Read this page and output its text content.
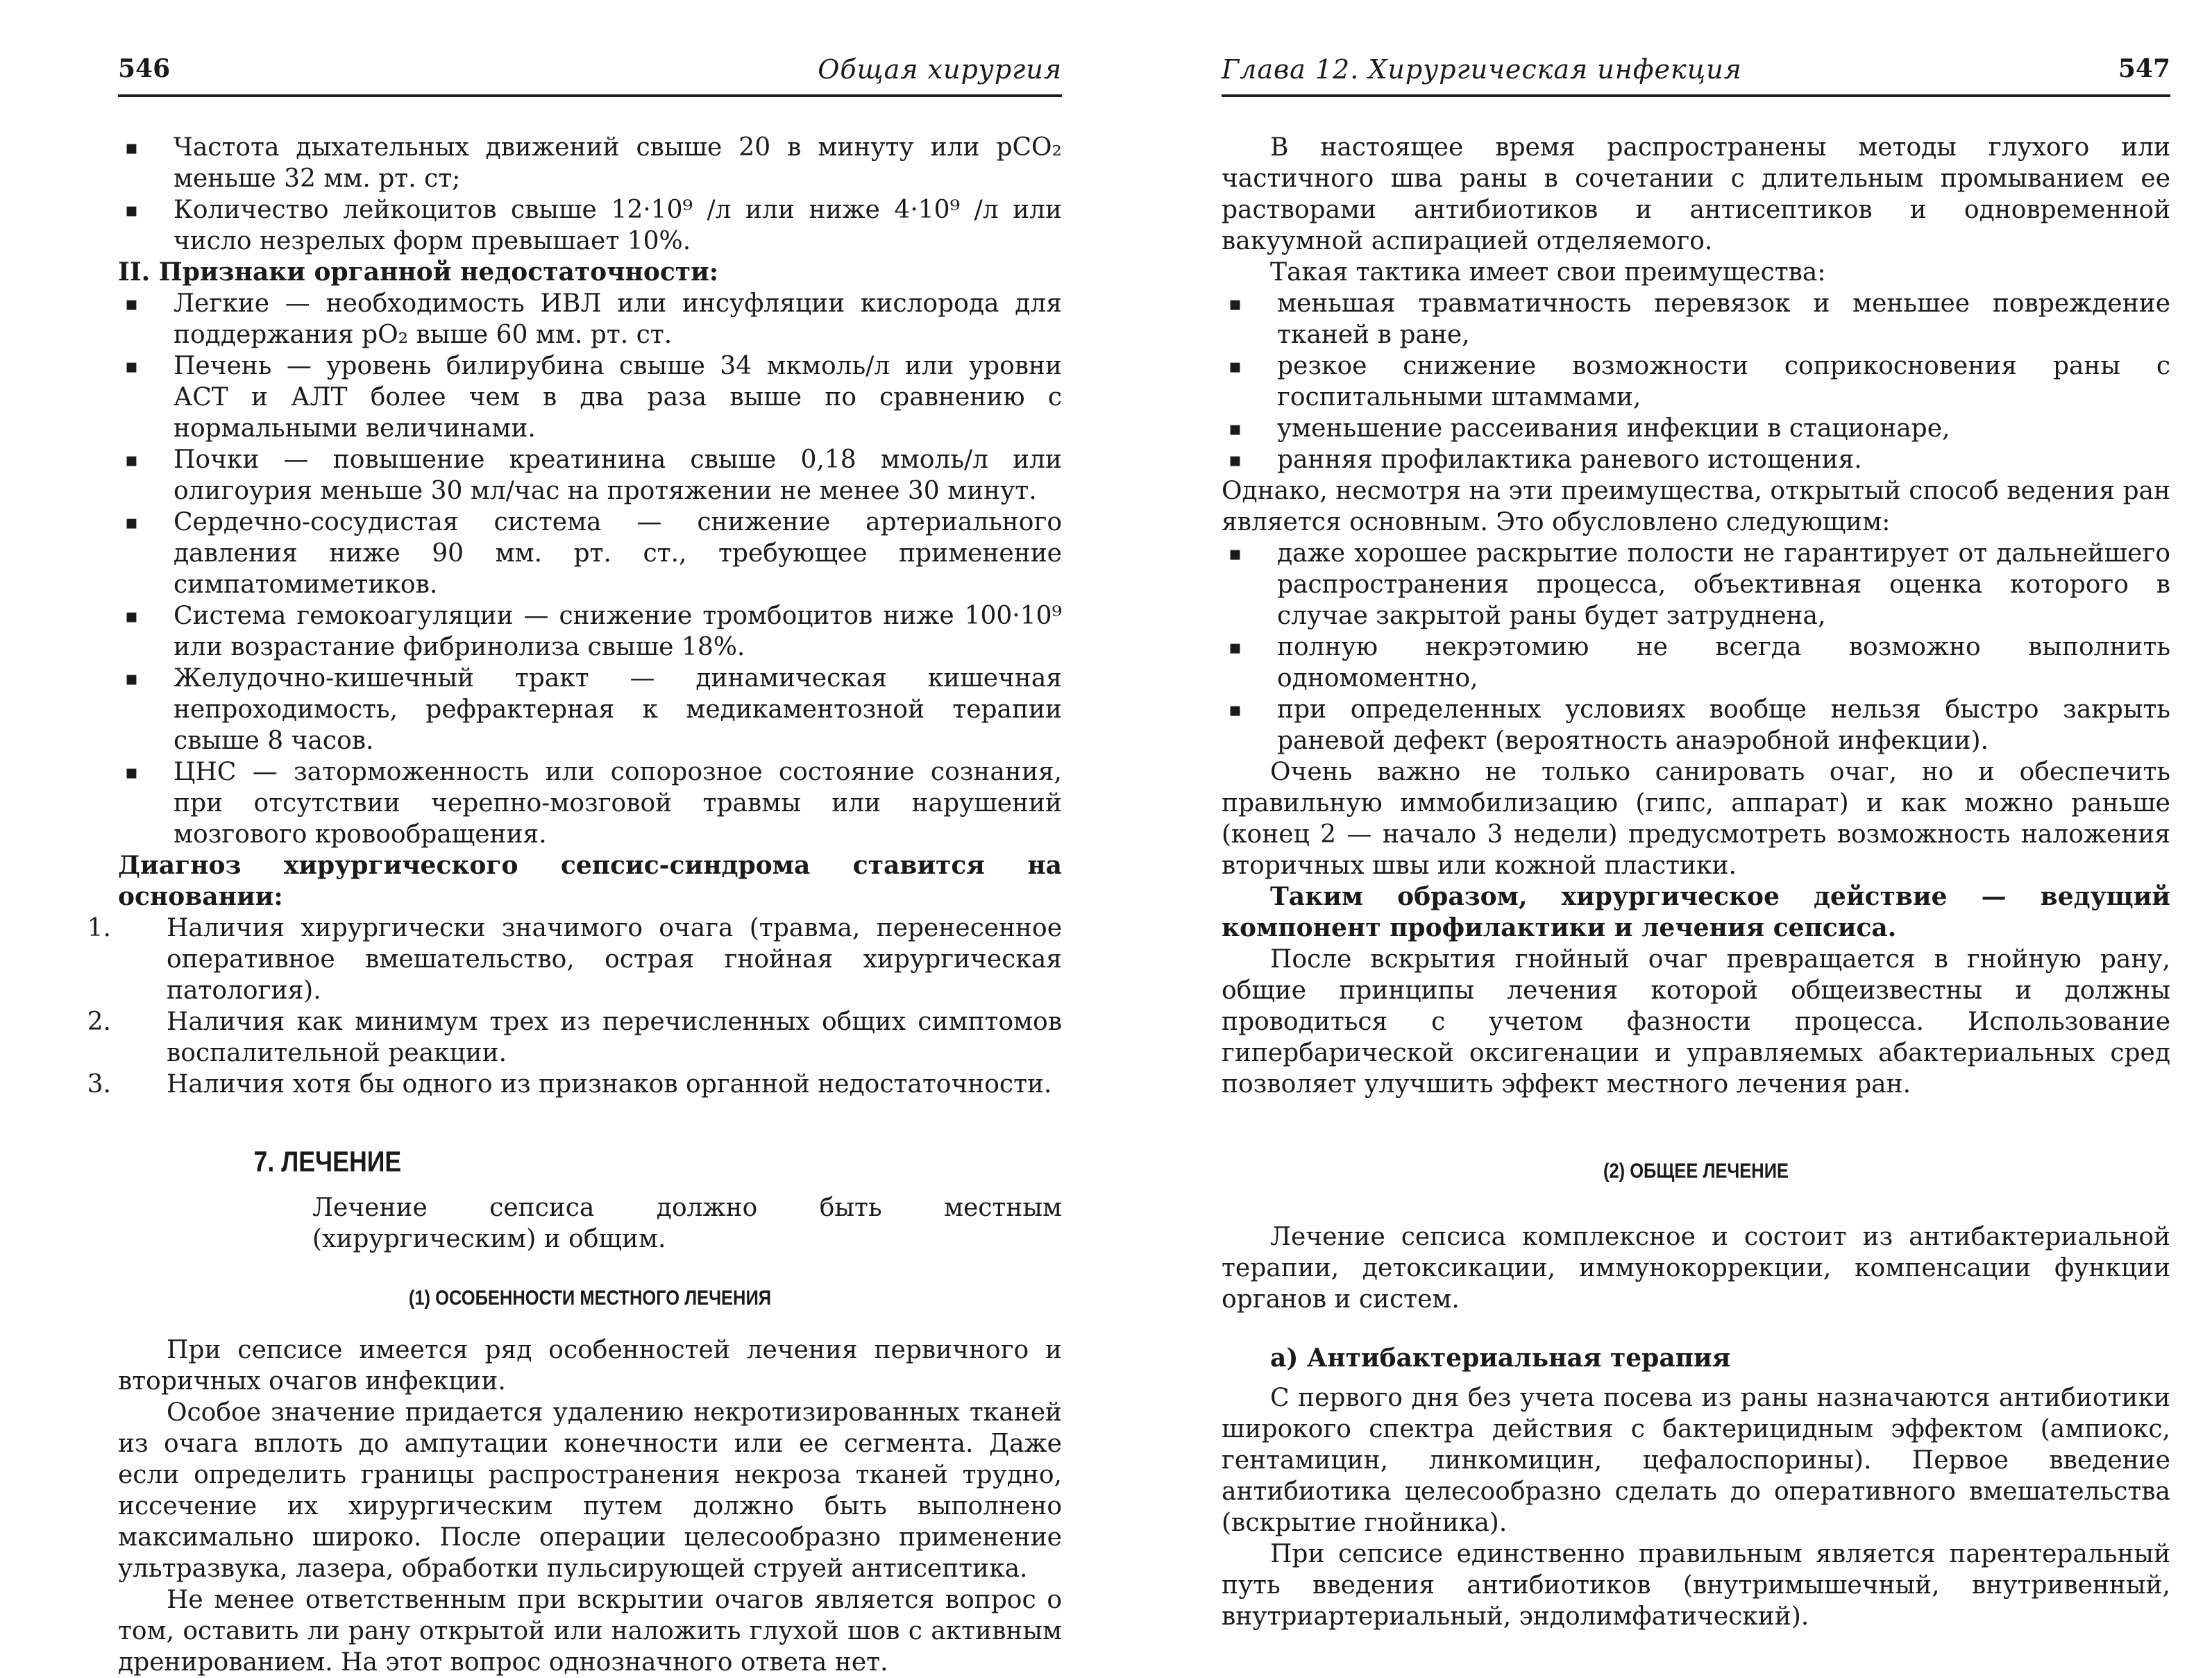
546	Общая хирургия
▪ Частота дыхательных движений свыше 20 в минуту или pCO₂ меньше 32 мм. рт. ст;
▪ Количество лейкоцитов свыше 12·10⁹ /л или ниже 4·10⁹ /л или число незрелых форм превышает 10%.

II. Признаки органной недостаточности:

▪ Легкие — необходимость ИВЛ или инсуфляции кислорода для поддержания pO₂ выше 60 мм. рт. ст.
▪ Печень — уровень билирубина свыше 34 мкмоль/л или уровни АСТ и АЛТ более чем в два раза выше по сравнению с нормальными величинами.
▪ Почки — повышение креатинина свыше 0,18 ммоль/л или олигоурия меньше 30 мл/час на протяжении не менее 30 минут.
▪ Сердечно-сосудистая система — снижение артериального давления ниже 90 мм. рт. ст., требующее применение симпатомиметиков.
▪ Система гемокоагуляции — снижение тромбоцитов ниже 100·10⁹ или возрастание фибринолиза свыше 18%.
▪ Желудочно-кишечный тракт — динамическая кишечная непроходимость, рефрактерная к медикаментозной терапии свыше 8 часов.
▪ ЦНС — заторможенность или сопорозное состояние сознания, при отсутствии черепно-мозговой травмы или нарушений мозгового кровообращения.

Диагноз хирургического сепсис-синдрома ставится на основании:

1. Наличия хирургически значимого очага (травма, перенесенное оперативное вмешательство, острая гнойная хирургическая патология).
2. Наличия как минимум трех из перечисленных общих симптомов воспалительной реакции.
3. Наличия хотя бы одного из признаков органной недостаточности.
7. ЛЕЧЕНИЕ

Лечение сепсиса должно быть местным (хирургическим) и общим.

(1) ОСОБЕННОСТИ МЕСТНОГО ЛЕЧЕНИЯ

При сепсисе имеется ряд особенностей лечения первичного и вторичных очагов инфекции.

Особое значение придается удалению некротизированных тканей из очага вплоть до ампутации конечности или ее сегмента. Даже если определить границы распространения некроза тканей трудно, иссечение их хирургическим путем должно быть выполнено максимально широко. После операции целесообразно применение ультразвука, лазера, обработки пульсирующей струей антисептика.

Не менее ответственным при вскрытии очагов является вопрос о том, оставить ли рану открытой или наложить глухой шов с активным дренированием. На этот вопрос однозначного ответа нет.

Глава 12. Хирургическая инфекция	547

В настоящее время распространены методы глухого или частичного шва раны в сочетании с длительным промыванием ее растворами антибиотиков и антисептиков и одновременной вакуумной аспирацией отделяемого.

Такая тактика имеет свои преимущества:

▪ меньшая травматичность перевязок и меньшее повреждение тканей в ране,
▪ резкое снижение возможности соприкосновения раны с госпитальными штаммами,
▪ уменьшение рассеивания инфекции в стационаре,
▪ ранняя профилактика раневого истощения.

Однако, несмотря на эти преимущества, открытый способ ведения ран является основным. Это обусловлено следующим:

▪ даже хорошее раскрытие полости не гарантирует от дальнейшего распространения процесса, объективная оценка которого в случае закрытой раны будет затруднена,
▪ полную некрэтомию не всегда возможно выполнить одномоментно,
▪ при определенных условиях вообще нельзя быстро закрыть раневой дефект (вероятность анаэробной инфекции).

Очень важно не только санировать очаг, но и обеспечить правильную иммобилизацию (гипс, аппарат) и как можно раньше (конец 2 — начало 3 недели) предусмотреть возможность наложения вторичных швы или кожной пластики.

Таким образом, хирургическое действие — ведущий компонент профилактики и лечения сепсиса.

После вскрытия гнойный очаг превращается в гнойную рану, общие принципы лечения которой общеизвестны и должны проводиться с учетом фазности процесса. Использование гипербарической оксигенации и управляемых абактериальных сред позволяет улучшить эффект местного лечения ран.

(2) ОБЩЕЕ ЛЕЧЕНИЕ

Лечение сепсиса комплексное и состоит из антибактериальной терапии, детоксикации, иммунокоррекции, компенсации функции органов и систем.

а) Антибактериальная терапия

С первого дня без учета посева из раны назначаются антибиотики широкого спектра действия с бактерицидным эффектом (ампиокс, гентамицин, линкомицин, цефалоспорины). Первое введение антибиотика целесообразно сделать до оперативного вмешательства (вскрытие гнойника).

При сепсисе единственно правильным является парентеральный путь введения антибиотиков (внутримышечный, внутривенный, внутриартериальный, эндолимфатический).
